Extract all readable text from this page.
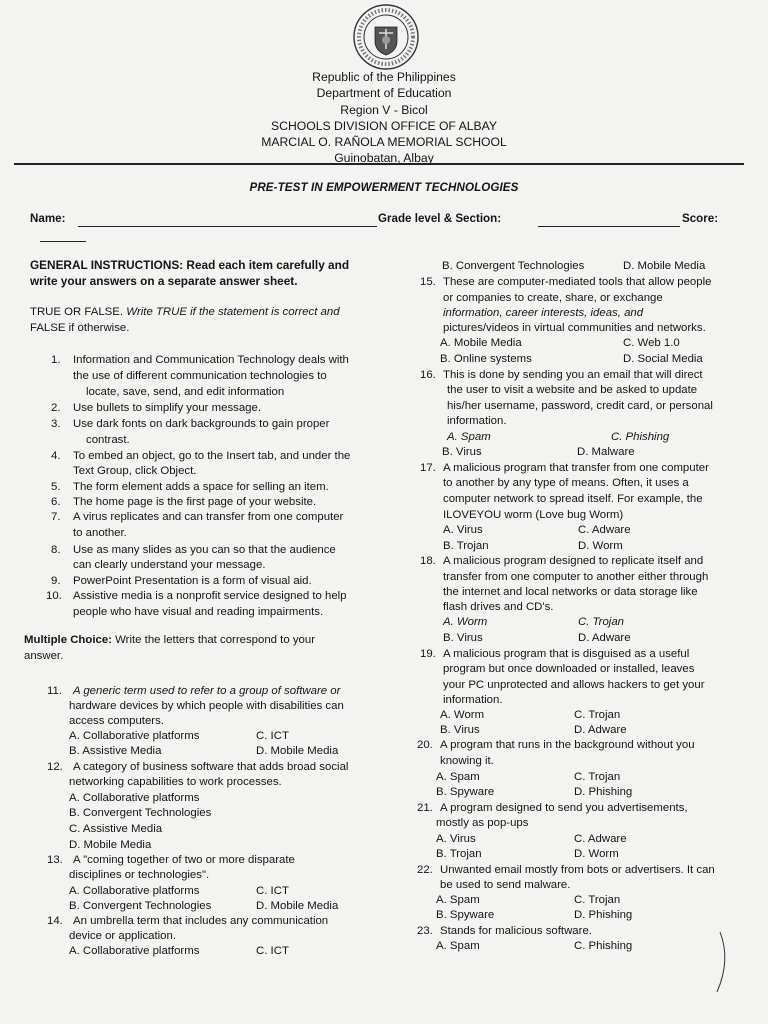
Republic of the Philippines
Department of Education
Region V - Bicol
SCHOOLS DIVISION OFFICE OF ALBAY
MARCIAL O. RAÑOLA MEMORIAL SCHOOL
Guinobatan, Albay
PRE-TEST IN EMPOWERMENT TECHNOLOGIES
Name:	Grade level & Section:	Score:
GENERAL INSTRUCTIONS: Read each item carefully and
write your answers on a separate answer sheet.
TRUE OR FALSE. Write TRUE if the statement is correct and
FALSE if otherwise.
1. Information and Communication Technology deals with
the use of different communication technologies to
locate, save, send, and edit information
2. Use bullets to simplify your message.
3. Use dark fonts on dark backgrounds to gain proper
contrast.
4. To embed an object, go to the Insert tab, and under the
Text Group, click Object.
5. The form element adds a space for selling an item.
6. The home page is the first page of your website.
7. A virus replicates and can transfer from one computer
to another.
8. Use as many slides as you can so that the audience
can clearly understand your message.
9. PowerPoint Presentation is a form of visual aid.
10. Assistive media is a nonprofit service designed to help
people who have visual and reading impairments.
Multiple Choice: Write the letters that correspond to your
answer.
11. A generic term used to refer to a group of software or
hardware devices by which people with disabilities can
access computers.
A. Collaborative platforms	C. ICT
B. Assistive Media	D. Mobile Media
12. A category of business software that adds broad social
networking capabilities to work processes.
A. Collaborative platforms
B. Convergent Technologies
C. Assistive Media
D. Mobile Media
13. A "coming together of two or more disparate
disciplines or technologies".
A. Collaborative platforms	C. ICT
B. Convergent Technologies	D. Mobile Media
14. An umbrella term that includes any communication
device or application.
A. Collaborative platforms	C. ICT
B. Convergent Technologies	D. Mobile Media
15. These are computer-mediated tools that allow people
or companies to create, share, or exchange
information, career interests, ideas, and
pictures/videos in virtual communities and networks.
A. Mobile Media	C. Web 1.0
B. Online systems	D. Social Media
16. This is done by sending you an email that will direct
the user to visit a website and be asked to update
his/her username, password, credit card, or personal
information.
A. Spam	C. Phishing
B. Virus	D. Malware
17. A malicious program that transfer from one computer
to another by any type of means. Often, it uses a
computer network to spread itself. For example, the
ILOVEYOU worm (Love bug Worm)
A. Virus	C. Adware
B. Trojan	D. Worm
18. A malicious program designed to replicate itself and
transfer from one computer to another either through
the internet and local networks or data storage like
flash drives and CD's.
A. Worm	C. Trojan
B. Virus	D. Adware
19. A malicious program that is disguised as a useful
program but once downloaded or installed, leaves
your PC unprotected and allows hackers to get your
information.
A. Worm	C. Trojan
B. Virus	D. Adware
20. A program that runs in the background without you
knowing it.
A. Spam	C. Trojan
B. Spyware	D. Phishing
21. A program designed to send you advertisements,
mostly as pop-ups
A. Virus	C. Adware
B. Trojan	D. Worm
22. Unwanted email mostly from bots or advertisers. It can
be used to send malware.
A. Spam	C. Trojan
B. Spyware	D. Phishing
23. Stands for malicious software.
A. Spam	C. Phishing
